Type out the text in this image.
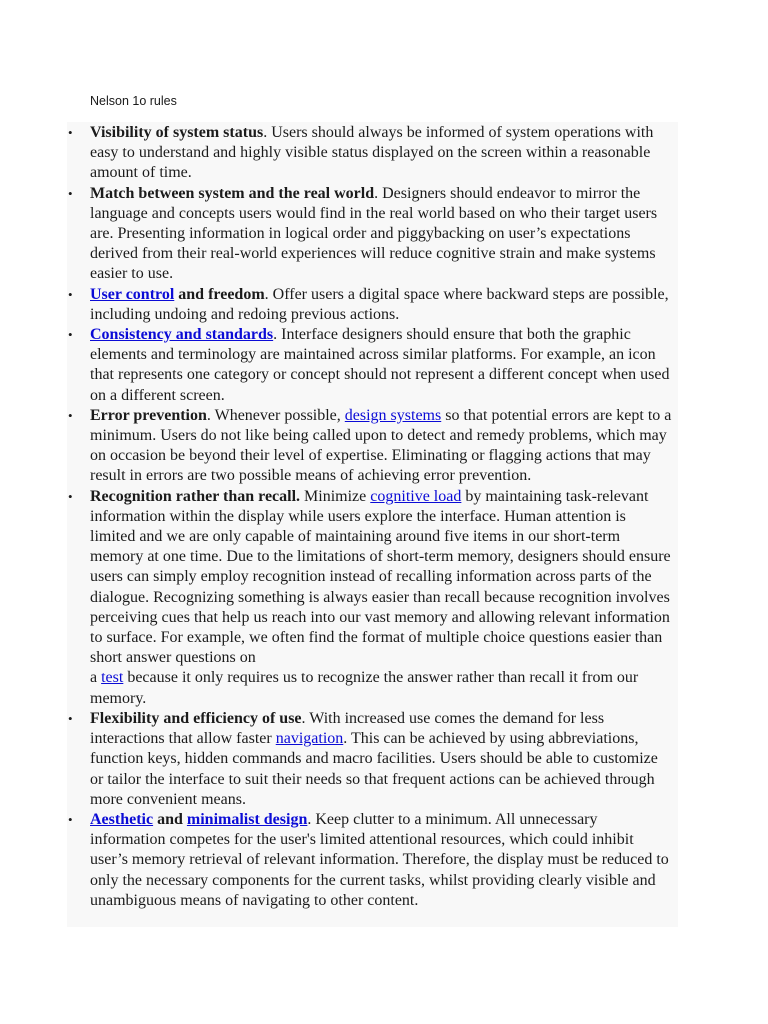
Nelson 1o rules

• Visibility of system status. Users should always be informed of system operations with easy to understand and highly visible status displayed on the screen within a reasonable amount of time.
• Match between system and the real world. Designers should endeavor to mirror the language and concepts users would find in the real world based on who their target users are. Presenting information in logical order and piggybacking on user’s expectations derived from their real-world experiences will reduce cognitive strain and make systems easier to use.
• User control and freedom. Offer users a digital space where backward steps are possible, including undoing and redoing previous actions.
• Consistency and standards. Interface designers should ensure that both the graphic elements and terminology are maintained across similar platforms. For example, an icon that represents one category or concept should not represent a different concept when used on a different screen.
• Error prevention. Whenever possible, design systems so that potential errors are kept to a minimum. Users do not like being called upon to detect and remedy problems, which may on occasion be beyond their level of expertise. Eliminating or flagging actions that may result in errors are two possible means of achieving error prevention.
• Recognition rather than recall. Minimize cognitive load by maintaining task-relevant information within the display while users explore the interface. Human attention is limited and we are only capable of maintaining around five items in our short-term memory at one time. Due to the limitations of short-term memory, designers should ensure users can simply employ recognition instead of recalling information across parts of the dialogue. Recognizing something is always easier than recall because recognition involves perceiving cues that help us reach into our vast memory and allowing relevant information to surface. For example, we often find the format of multiple choice questions easier than short answer questions on
a test because it only requires us to recognize the answer rather than recall it from our memory.
• Flexibility and efficiency of use. With increased use comes the demand for less interactions that allow faster navigation. This can be achieved by using abbreviations, function keys, hidden commands and macro facilities. Users should be able to customize or tailor the interface to suit their needs so that frequent actions can be achieved through more convenient means.
• Aesthetic and minimalist design. Keep clutter to a minimum. All unnecessary information competes for the user's limited attentional resources, which could inhibit user’s memory retrieval of relevant information. Therefore, the display must be reduced to only the necessary components for the current tasks, whilst providing clearly visible and unambiguous means of navigating to other content.
